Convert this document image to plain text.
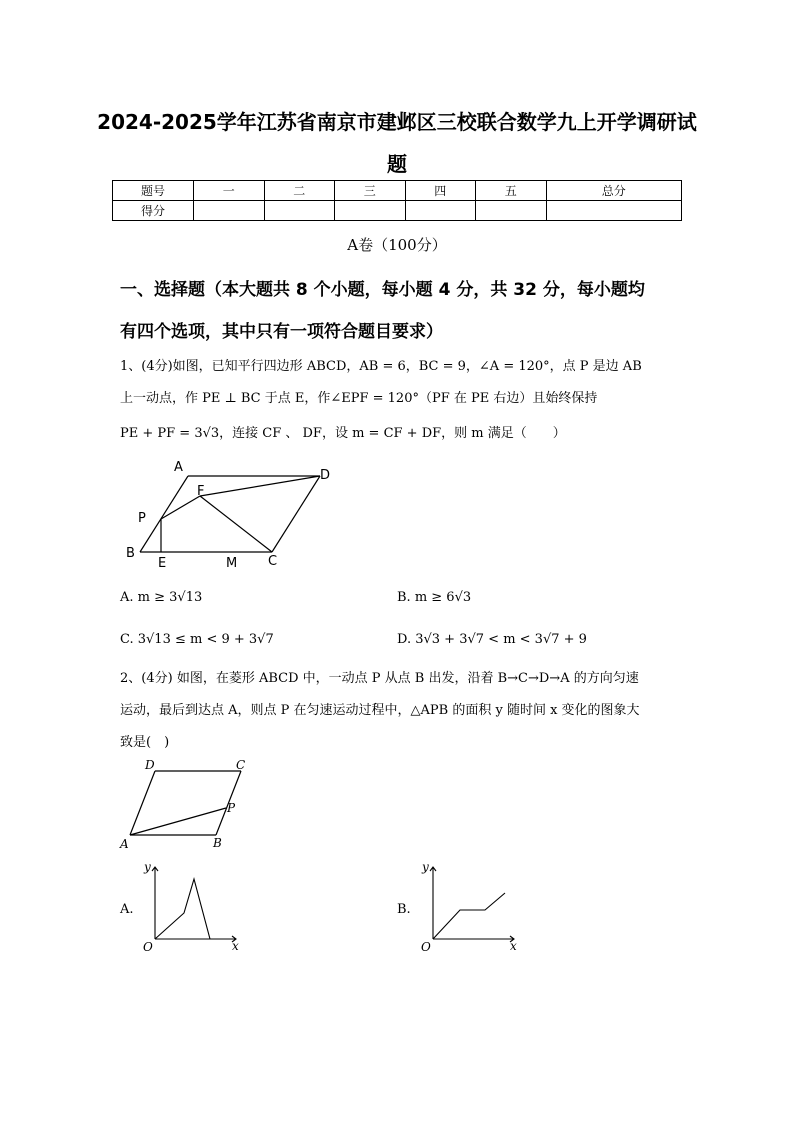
2024-2025学年江苏省南京市建邺区三校联合数学九上开学调研试
题
题号	一	二	三	四	五	总分
得分						
A卷（100分）
一、选择题（本大题共 8 个小题，每小题 4 分，共 32 分，每小题均
有四个选项，其中只有一项符合题目要求）
1、(4分)如图，已知平行四边形 ABCD，AB = 6，BC = 9，∠A = 120°，点 P 是边 AB
上一动点，作 PE ⊥ BC 于点 E，作∠EPF = 120°（PF 在 PE 右边）且始终保持
PE + PF = 3√3，连接 CF 、 DF，设 m = CF + DF，则 m 满足（　　）
A
D
F
P
B
E	M C
A. m ≥ 3√13	B. m ≥ 6√3
C. 3√13 ≤ m < 9 + 3√7	D. 3√3 + 3√7 < m < 3√7 + 9
2、(4分) 如图，在菱形 ABCD 中，一动点 P 从点 B 出发，沿着 B→C→D→A 的方向匀速
运动，最后到达点 A，则点 P 在匀速运动过程中，△APB 的面积 y 随时间 x 变化的图象大
致是(　)
D	C
P
A	B
A.
y
x
O
B.
y
x
O
